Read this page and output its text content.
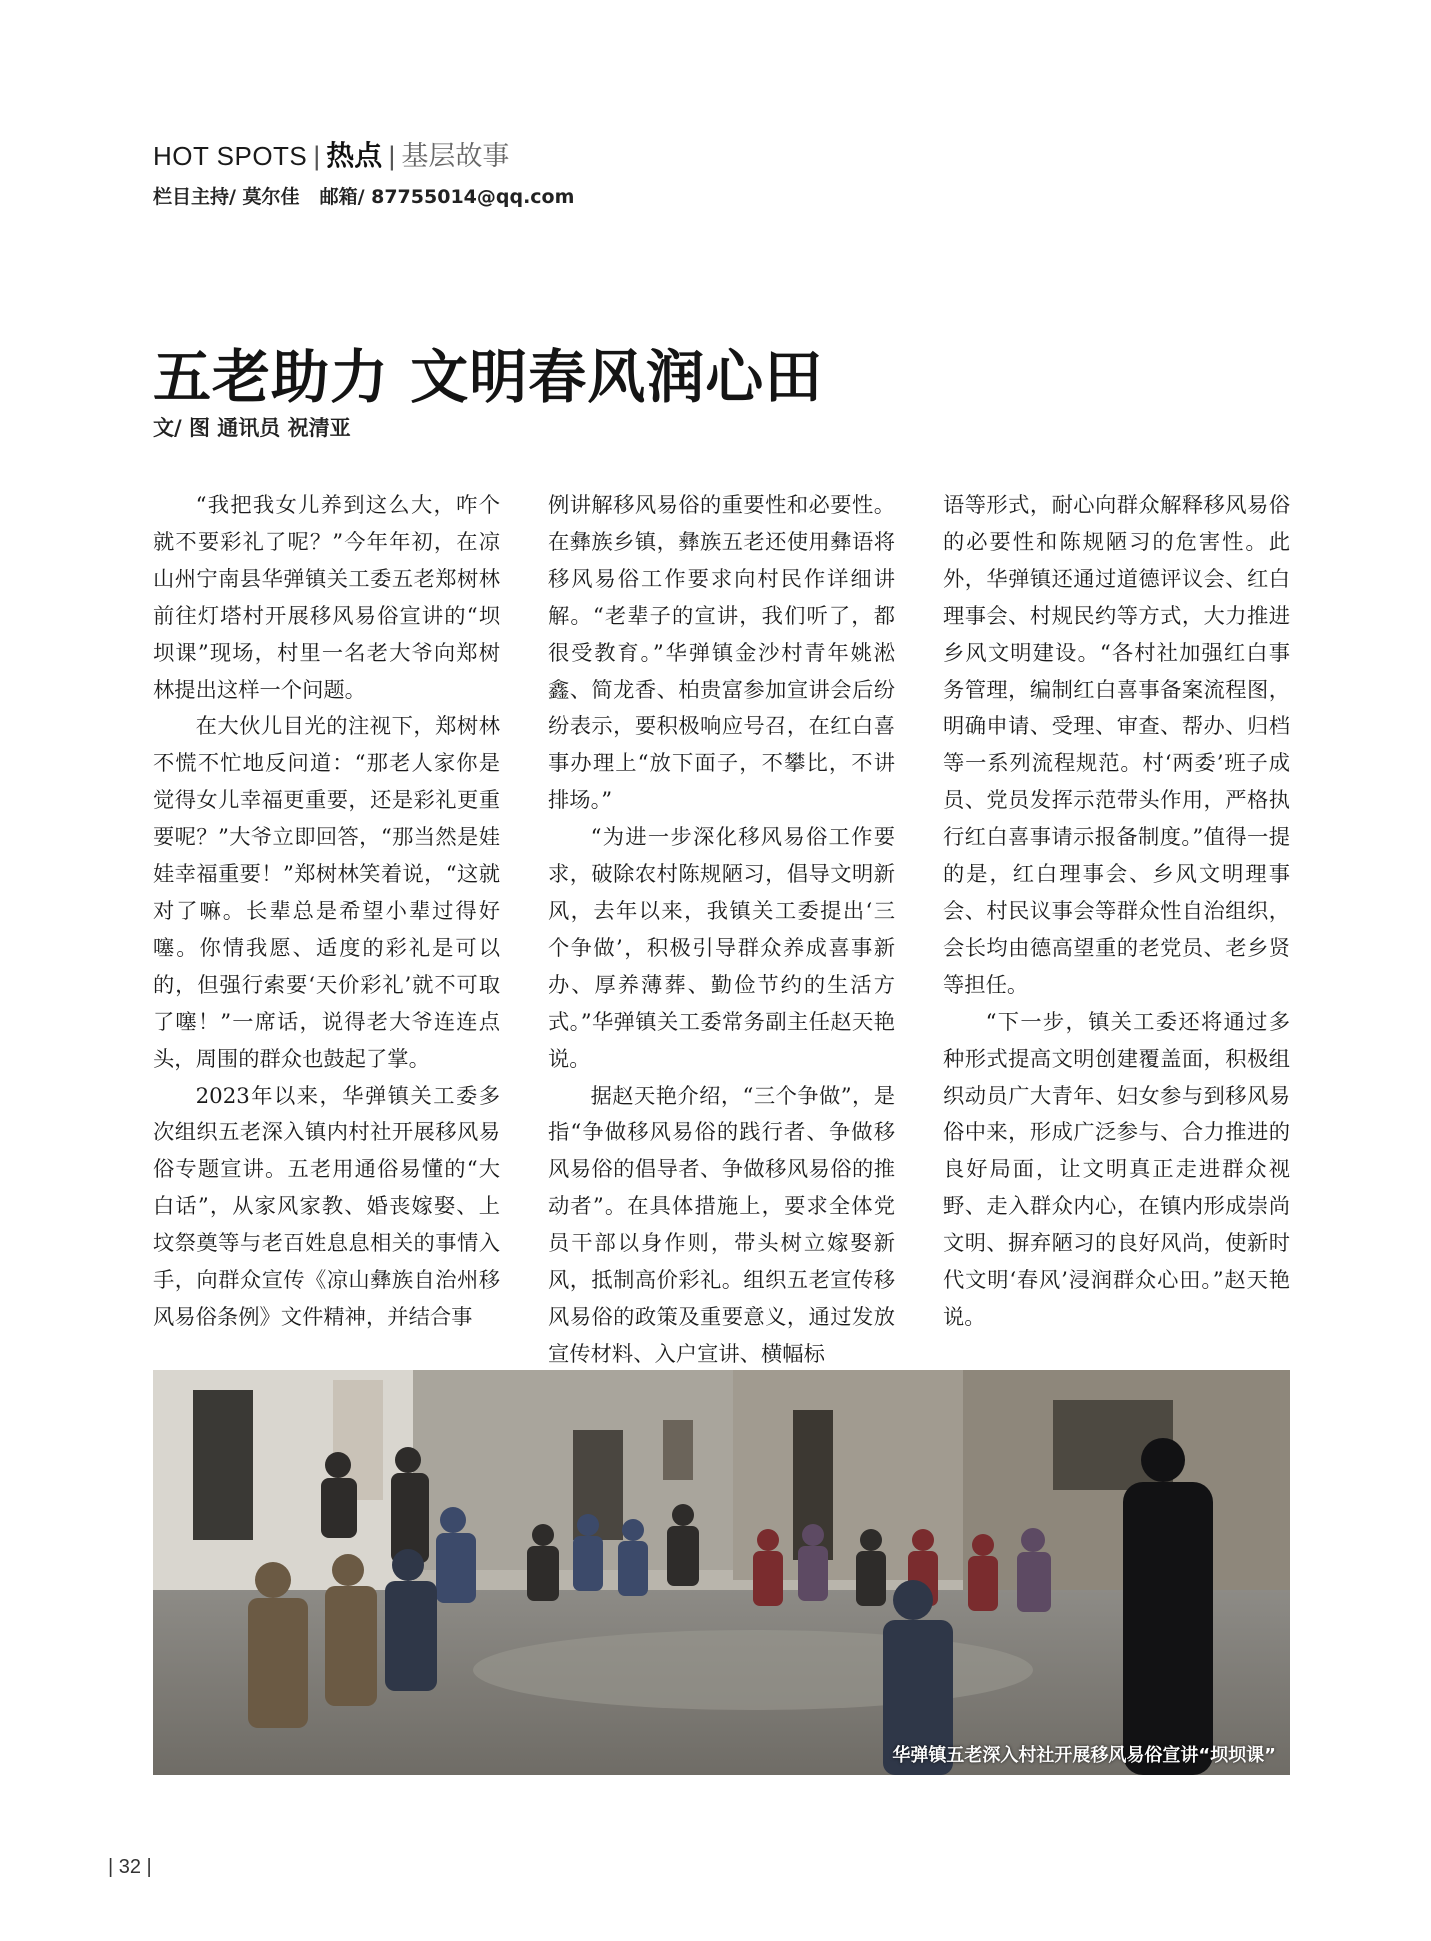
HOT SPOTS | 热点 | 基层故事
栏目主持/ 莫尔佳 邮箱/ 87755014@qq.com
五老助力 文明春风润心田
文/ 图 通讯员 祝清亚

“我把我女儿养到这么大，咋个就不要彩礼了呢？”今年年初，在凉山州宁南县华弹镇关工委五老郑树林前往灯塔村开展移风易俗宣讲的“坝坝课”现场，村里一名老大爷向郑树林提出这样一个问题。

在大伙儿目光的注视下，郑树林不慌不忙地反问道：“那老人家你是觉得女儿幸福更重要，还是彩礼更重要呢？”大爷立即回答，“那当然是娃娃幸福重要！”郑树林笑着说，“这就对了嘛。长辈总是希望小辈过得好噻。你情我愿、适度的彩礼是可以的，但强行索要‘天价彩礼’就不可取了噻！”一席话，说得老大爷连连点头，周围的群众也鼓起了掌。

2023年以来，华弹镇关工委多次组织五老深入镇内村社开展移风易俗专题宣讲。五老用通俗易懂的“大白话”，从家风家教、婚丧嫁娶、上坟祭奠等与老百姓息息相关的事情入手，向群众宣传《凉山彝族自治州移风易俗条例》文件精神，并结合事

例讲解移风易俗的重要性和必要性。在彝族乡镇，彝族五老还使用彝语将移风易俗工作要求向村民作详细讲解。“老辈子的宣讲，我们听了，都很受教育。”华弹镇金沙村青年姚淞鑫、简龙香、柏贵富参加宣讲会后纷纷表示，要积极响应号召，在红白喜事办理上“放下面子，不攀比，不讲排场。”

“为进一步深化移风易俗工作要求，破除农村陈规陋习，倡导文明新风，去年以来，我镇关工委提出‘三个争做’，积极引导群众养成喜事新办、厚养薄葬、勤俭节约的生活方式。”华弹镇关工委常务副主任赵天艳说。

据赵天艳介绍，“三个争做”，是指“争做移风易俗的践行者、争做移风易俗的倡导者、争做移风易俗的推动者”。在具体措施上，要求全体党员干部以身作则，带头树立嫁娶新风，抵制高价彩礼。组织五老宣传移风易俗的政策及重要意义，通过发放宣传材料、入户宣讲、横幅标

语等形式，耐心向群众解释移风易俗的必要性和陈规陋习的危害性。此外，华弹镇还通过道德评议会、红白理事会、村规民约等方式，大力推进乡风文明建设。“各村社加强红白事务管理，编制红白喜事备案流程图，明确申请、受理、审查、帮办、归档等一系列流程规范。村‘两委’班子成员、党员发挥示范带头作用，严格执行红白喜事请示报备制度。”值得一提的是，红白理事会、乡风文明理事会、村民议事会等群众性自治组织，会长均由德高望重的老党员、老乡贤等担任。

“下一步，镇关工委还将通过多种形式提高文明创建覆盖面，积极组织动员广大青年、妇女参与到移风易俗中来，形成广泛参与、合力推进的良好局面，让文明真正走进群众视野、走入群众内心，在镇内形成崇尚文明、摒弃陋习的良好风尚，使新时代文明‘春风’浸润群众心田。”赵天艳说。

华弹镇五老深入村社开展移风易俗宣讲“坝坝课”
| 32 |
